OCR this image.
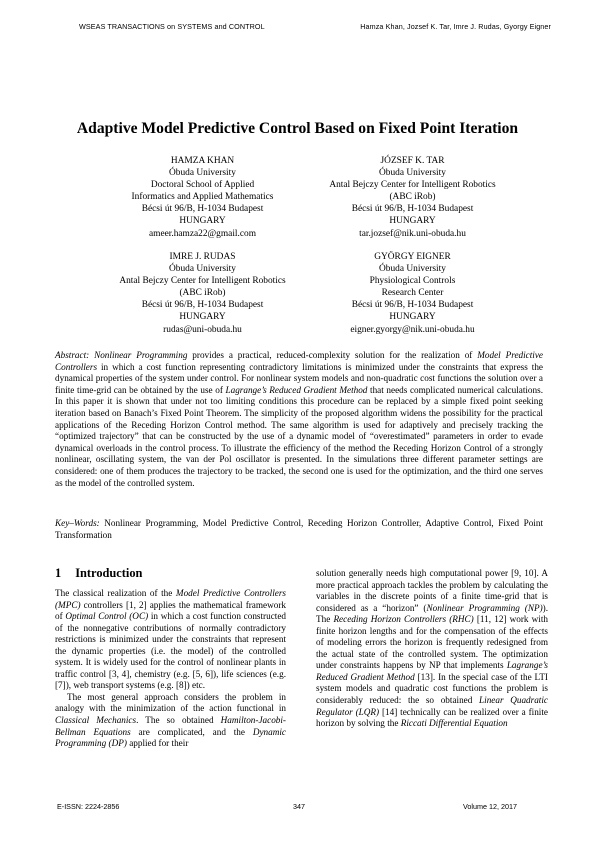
WSEAS TRANSACTIONS on SYSTEMS and CONTROL	Hamza Khan, Jozsef K. Tar, Imre J. Rudas, Gyorgy Eigner
Adaptive Model Predictive Control Based on Fixed Point Iteration
HAMZA KHAN
Óbuda University
Doctoral School of Applied
Informatics and Applied Mathematics
Bécsi út 96/B, H-1034 Budapest
HUNGARY
ameer.hamza22@gmail.com
JÓZSEF K. TAR
Óbuda University
Antal Bejczy Center for Intelligent Robotics
(ABC iRob)
Bécsi út 96/B, H-1034 Budapest
HUNGARY
tar.jozsef@nik.uni-obuda.hu
IMRE J. RUDAS
Óbuda University
Antal Bejczy Center for Intelligent Robotics
(ABC iRob)
Bécsi út 96/B, H-1034 Budapest
HUNGARY
rudas@uni-obuda.hu
GYÖRGY EIGNER
Óbuda University
Physiological Controls
Research Center
Bécsi út 96/B, H-1034 Budapest
HUNGARY
eigner.gyorgy@nik.uni-obuda.hu
Abstract: Nonlinear Programming provides a practical, reduced-complexity solution for the realization of Model Predictive Controllers in which a cost function representing contradictory limitations is minimized under the constraints that express the dynamical properties of the system under control. For nonlinear system models and non-quadratic cost functions the solution over a finite time-grid can be obtained by the use of Lagrange’s Reduced Gradient Method that needs complicated numerical calculations. In this paper it is shown that under not too limiting conditions this procedure can be replaced by a simple fixed point seeking iteration based on Banach’s Fixed Point Theorem. The simplicity of the proposed algorithm widens the possibility for the practical applications of the Receding Horizon Control method. The same algorithm is used for adaptively and precisely tracking the “optimized trajectory” that can be constructed by the use of a dynamic model of “overestimated” parameters in order to evade dynamical overloads in the control process. To illustrate the efficiency of the method the Receding Horizon Control of a strongly nonlinear, oscillating system, the van der Pol oscillator is presented. In the simulations three different parameter settings are considered: one of them produces the trajectory to be tracked, the second one is used for the optimization, and the third one serves as the model of the controlled system.
Key–Words: Nonlinear Programming, Model Predictive Control, Receding Horizon Controller, Adaptive Control, Fixed Point Transformation
1 Introduction

The classical realization of the Model Predictive Controllers (MPC) controllers [1, 2] applies the mathematical framework of Optimal Control (OC) in which a cost function constructed of the nonnegative contributions of normally contradictory restrictions is minimized under the constraints that represent the dynamic properties (i.e. the model) of the controlled system. It is widely used for the control of nonlinear plants in traffic control [3, 4], chemistry (e.g. [5, 6]), life sciences (e.g. [7]), web transport systems (e.g. [8]) etc.

The most general approach considers the problem in analogy with the minimization of the action functional in Classical Mechanics. The so obtained Hamilton-Jacobi-Bellman Equations are complicated, and the Dynamic Programming (DP) applied for their

solution generally needs high computational power [9, 10]. A more practical approach tackles the problem by calculating the variables in the discrete points of a finite time-grid that is considered as a “horizon” (Nonlinear Programming (NP)). The Receding Horizon Controllers (RHC) [11, 12] work with finite horizon lengths and for the compensation of the effects of modeling errors the horizon is frequently redesigned from the actual state of the controlled system. The optimization under constraints happens by NP that implements Lagrange’s Reduced Gradient Method [13]. In the special case of the LTI system models and quadratic cost functions the problem is considerably reduced: the so obtained Linear Quadratic Regulator (LQR) [14] technically can be realized over a finite horizon by solving the Riccati Differential Equation

E-ISSN: 2224-2856	347	Volume 12, 2017
